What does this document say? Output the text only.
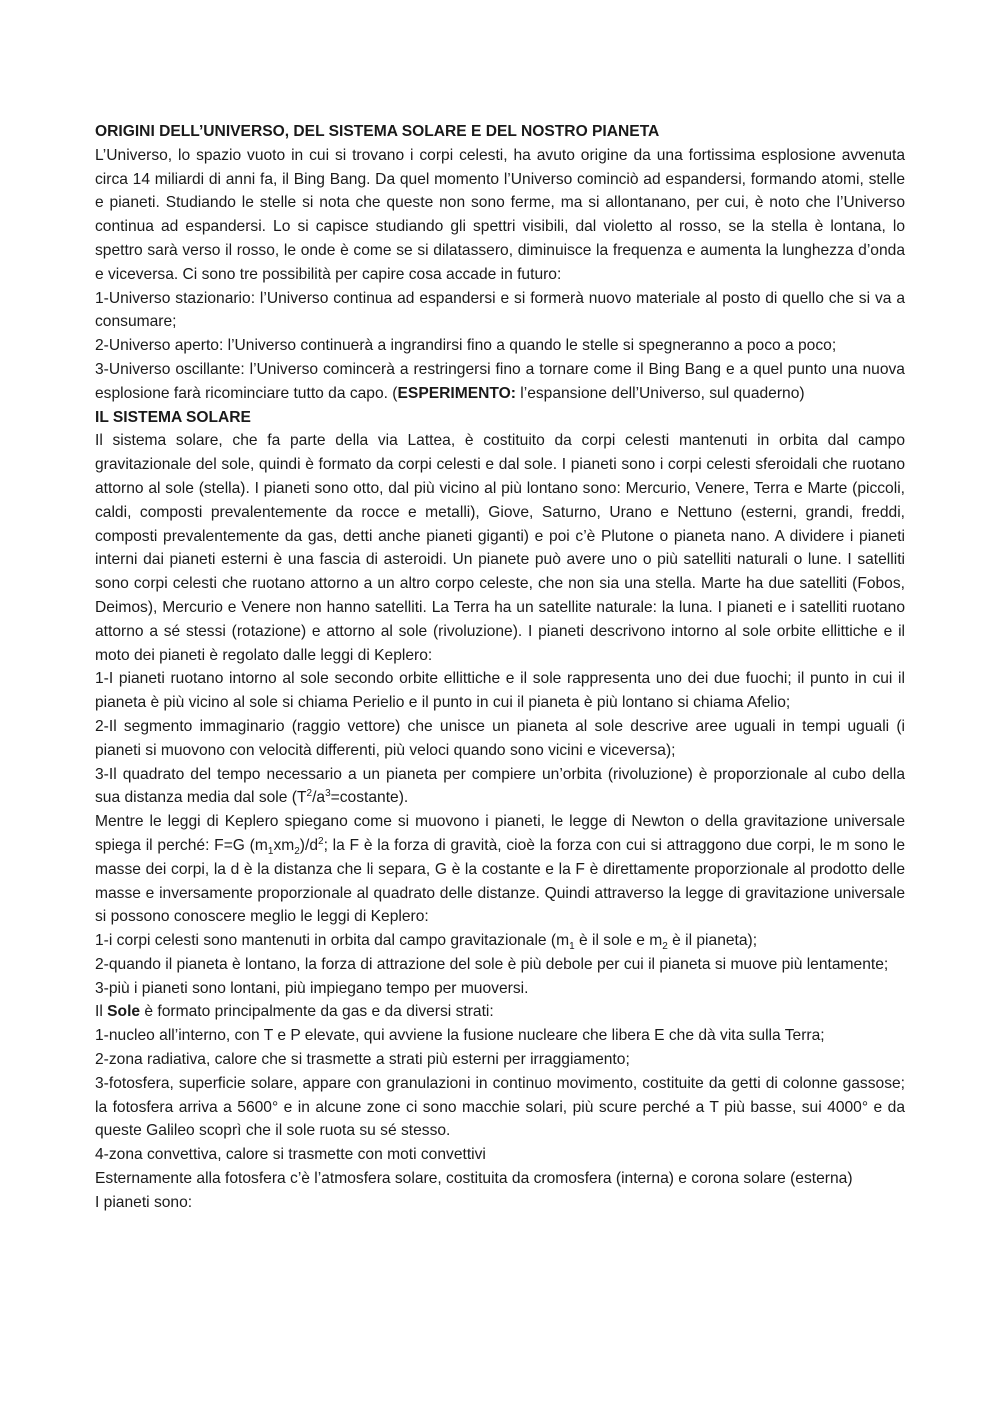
ORIGINI DELL’UNIVERSO, DEL SISTEMA SOLARE E DEL NOSTRO PIANETA

L’Universo, lo spazio vuoto in cui si trovano i corpi celesti, ha avuto origine da una fortissima esplosione avvenuta circa 14 miliardi di anni fa, il Bing Bang. Da quel momento l’Universo cominciò ad espandersi, formando atomi, stelle e pianeti. Studiando le stelle si nota che queste non sono ferme, ma si allontanano, per cui, è noto che l’Universo continua ad espandersi. Lo si capisce studiando gli spettri visibili, dal violetto al rosso, se la stella è lontana, lo spettro sarà verso il rosso, le onde è come se si dilatassero, diminuisce la frequenza e aumenta la lunghezza d’onda e viceversa. Ci sono tre possibilità per capire cosa accade in futuro:

1-Universo stazionario: l’Universo continua ad espandersi e si formerà nuovo materiale al posto di quello che si va a consumare;

2-Universo aperto: l’Universo continuerà a ingrandirsi fino a quando le stelle si spegneranno a poco a poco;

3-Universo oscillante: l’Universo comincerà a restringersi fino a tornare come il Bing Bang e a quel punto una nuova esplosione farà ricominciare tutto da capo. (ESPERIMENTO: l’espansione dell’Universo, sul quaderno)

IL SISTEMA SOLARE

Il sistema solare, che fa parte della via Lattea, è costituito da corpi celesti mantenuti in orbita dal campo gravitazionale del sole, quindi è formato da corpi celesti e dal sole. I pianeti sono i corpi celesti sferoidali che ruotano attorno al sole (stella). I pianeti sono otto, dal più vicino al più lontano sono: Mercurio, Venere, Terra e Marte (piccoli, caldi, composti prevalentemente da rocce e metalli), Giove, Saturno, Urano e Nettuno (esterni, grandi, freddi, composti prevalentemente da gas, detti anche pianeti giganti) e poi c’è Plutone o pianeta nano. A dividere i pianeti interni dai pianeti esterni è una fascia di asteroidi. Un pianete può avere uno o più satelliti naturali o lune. I satelliti sono corpi celesti che ruotano attorno a un altro corpo celeste, che non sia una stella. Marte ha due satelliti (Fobos, Deimos), Mercurio e Venere non hanno satelliti. La Terra ha un satellite naturale: la luna. I pianeti e i satelliti ruotano attorno a sé stessi (rotazione) e attorno al sole (rivoluzione). I pianeti descrivono intorno al sole orbite ellittiche e il moto dei pianeti è regolato dalle leggi di Keplero:

1-I pianeti ruotano intorno al sole secondo orbite ellittiche e il sole rappresenta uno dei due fuochi; il punto in cui il pianeta è più vicino al sole si chiama Perielio e il punto in cui il pianeta è più lontano si chiama Afelio;

2-Il segmento immaginario (raggio vettore) che unisce un pianeta al sole descrive aree uguali in tempi uguali (i pianeti si muovono con velocità differenti, più veloci quando sono vicini e viceversa);

3-Il quadrato del tempo necessario a un pianeta per compiere un’orbita (rivoluzione) è proporzionale al cubo della sua distanza media dal sole $(T^2/a^3=costante)$.

Mentre le leggi di Keplero spiegano come si muovono i pianeti, le legge di Newton o della gravitazione universale spiega il perché: F=G $(m_1xm_2)/d^2$; la F è la forza di gravità, cioè la forza con cui si attraggono due corpi, le m sono le masse dei corpi, la d è la distanza che li separa, G è la costante e la F è direttamente proporzionale al prodotto delle masse e inversamente proporzionale al quadrato delle distanze. Quindi attraverso la legge di gravitazione universale si possono conoscere meglio le leggi di Keplero:

1-i corpi celesti sono mantenuti in orbita dal campo gravitazionale ($m_1$ è il sole e $m_2$ è il pianeta);

2-quando il pianeta è lontano, la forza di attrazione del sole è più debole per cui il pianeta si muove più lentamente;

3-più i pianeti sono lontani, più impiegano tempo per muoversi.

Il Sole è formato principalmente da gas e da diversi strati:

1-nucleo all’interno, con T e P elevate, qui avviene la fusione nucleare che libera E che dà vita sulla Terra;

2-zona radiativa, calore che si trasmette a strati più esterni per irraggiamento;

3-fotosfera, superficie solare, appare con granulazioni in continuo movimento, costituite da getti di colonne gassose; la fotosfera arriva a 5600° e in alcune zone ci sono macchie solari, più scure perché a T più basse, sui 4000° e da queste Galileo scoprì che il sole ruota su sé stesso.

4-zona convettiva, calore si trasmette con moti convettivi

Esternamente alla fotosfera c’è l’atmosfera solare, costituita da cromosfera (interna) e corona solare (esterna)

I pianeti sono:
